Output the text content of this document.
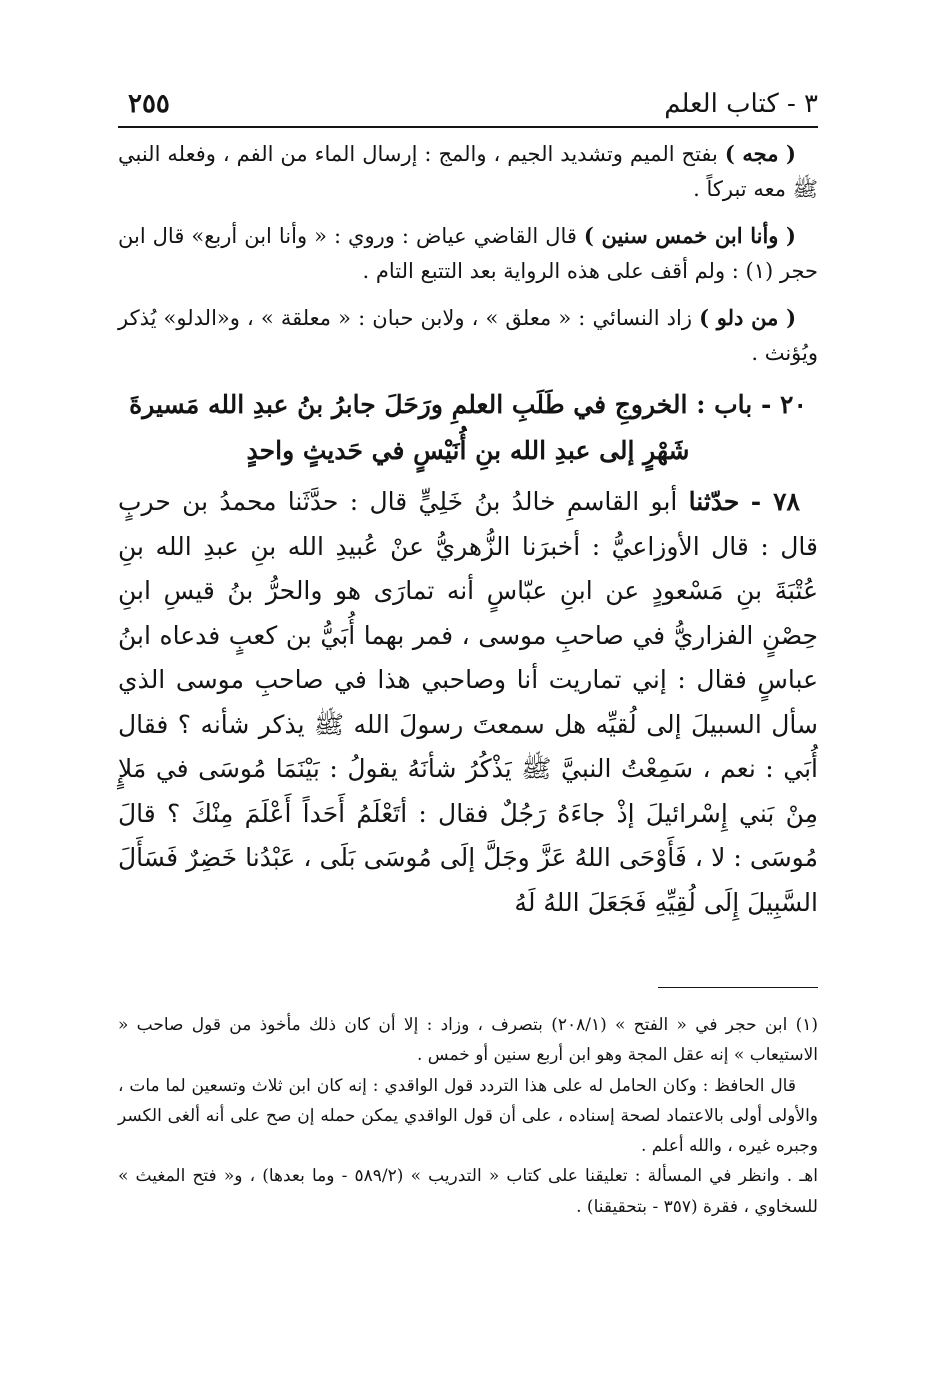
٣ - كتاب العلم
٢٥٥

( مجه ) بفتح الميم وتشديد الجيم ، والمج : إرسال الماء من الفم ، وفعله النبي ﷺ معه تبركاً .

( وأنا ابن خمس سنين ) قال القاضي عياض : وروي : « وأنا ابن أربع» قال ابن حجر (١) : ولم أقف على هذه الرواية بعد التتبع التام .

( من دلو ) زاد النسائي : « معلق » ، ولابن حبان : « معلقة » ، و«الدلو» يُذكر ويُؤنث .

٢٠ - باب : الخروجِ في طَلَبِ العلمِ ورَحَلَ جابرُ بنُ عبدِ الله مَسيرةَ
شَهْرٍ إلى عبدِ الله بنِ أُنَيْسٍ في حَديثٍ واحدٍ

٧٨ - حدّثنا أبو القاسمِ خالدُ بنُ خَلِيٍّ قال : حدَّثَنا محمدُ بن حربٍ قال : قال الأوزاعيُّ : أخبرَنا الزُّهريُّ عنْ عُبيدِ الله بنِ عبدِ الله بنِ عُتْبَةَ بنِ مَسْعودٍ عن ابنِ عبّاسٍ أنه تمارَى هو والحرُّ بنُ قيسِ ابنِ حِصْنٍ الفزاريُّ في صاحبِ موسى ، فمر بهما أُبَيُّ بن كعبٍ فدعاه ابنُ عباسٍ فقال : إني تماريت أنا وصاحبي هذا في صاحبِ موسى الذي سأل السبيلَ إلى لُقيِّه هل سمعتَ رسولَ الله ﷺ يذكر شأنه ؟ فقال أُبَي : نعم ، سَمِعْتُ النبيَّ ﷺ يَذْكُرُ شأنَهُ يقولُ : بَيْنَمَا مُوسَى في مَلإٍ مِنْ بَني إِسْرائيلَ إذْ جاءَهُ رَجُلٌ فقال : أتَعْلَمُ أَحَداً أَعْلَمَ مِنْكَ ؟ قالَ مُوسَى : لا ، فَأَوْحَى اللهُ عَزَّ وجَلَّ إلَى مُوسَى بَلَى ، عَبْدُنا خَضِرٌ فَسَأَلَ السَّبِيلَ إِلَى لُقِيِّهِ فَجَعَلَ اللهُ لَهُ

(١) ابن حجر في « الفتح » (٢٠٨/١) بتصرف ، وزاد : إلا أن كان ذلك مأخوذ من قول صاحب « الاستيعاب » إنه عقل المجة وهو ابن أربع سنين أو خمس .

قال الحافظ : وكان الحامل له على هذا التردد قول الواقدي : إنه كان ابن ثلاث وتسعين لما مات ، والأولى أولى بالاعتماد لصحة إسناده ، على أن قول الواقدي يمكن حمله إن صح على أنه ألغى الكسر وجبره غيره ، والله أعلم .

اهـ . وانظر في المسألة : تعليقنا على كتاب « التدريب » (٥٨٩/٢ - وما بعدها) ، و« فتح المغيث » للسخاوي ، فقرة (٣٥٧ - بتحقيقنا) .
